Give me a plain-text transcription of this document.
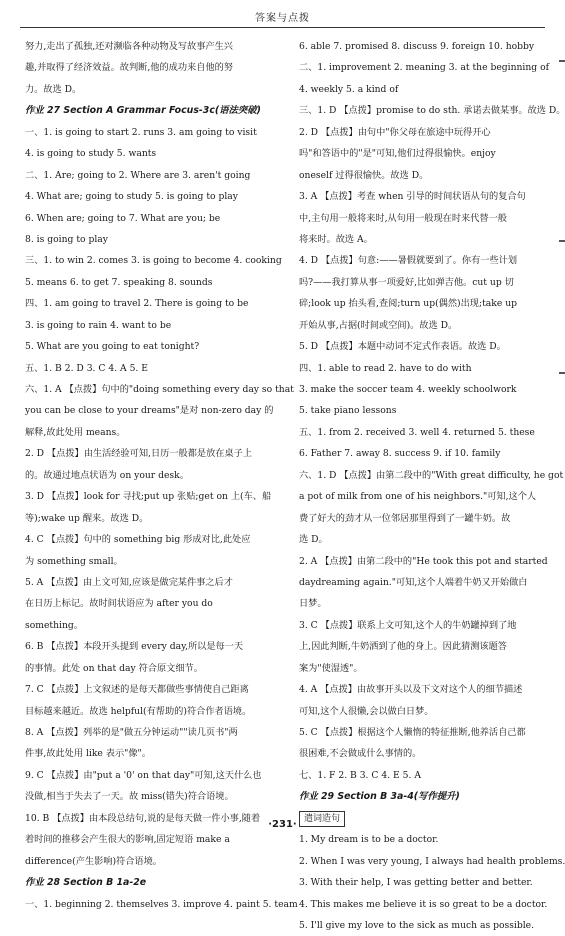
答案与点拨
努力,走出了孤独,还对濒临各种动物及写故事产生兴
趣,并取得了经济效益。故判断,他的成功来自他的努
力。故选 D。
作业 27 Section A Grammar Focus-3c(语法突破)
一、1. is going to start 2. runs 3. am going to visit
4. is going to study 5. wants
二、1. Are; going to 2. Where are 3. aren't going
4. What are; going to study 5. is going to play
6. When are; going to 7. What are you; be
8. is going to play
三、1. to win 2. comes 3. is going to become 4. cooking
5. means 6. to get 7. speaking 8. sounds
四、1. am going to travel 2. There is going to be
3. is going to rain 4. want to be
5. What are you going to eat tonight?
五、1. B 2. D 3. C 4. A 5. E
六、1. A 【点拨】句中的"doing something every day so that
you can be close to your dreams"是对 non-zero day 的
解释,故此处用 means。
2. D 【点拨】由生活经验可知,日历一般都是放在桌子上
的。故通过地点状语为 on your desk。
3. D 【点拨】look for 寻找;put up 张贴;get on 上(车、船
等);wake up 醒来。故选 D。
4. C 【点拨】句中的 something big 形成对比,此处应
为 something small。
5. A 【点拨】由上文可知,应该是做完某件事之后才
在日历上标记。故时间状语应为 after you do
something。
6. B 【点拨】本段开头提到 every day,所以是每一天
的事情。此处 on that day 符合原文细节。
7. C 【点拨】上文叙述的是每天都做些事情使自己距离
目标越来越近。故选 helpful(有帮助的)符合作者语境。
8. A 【点拨】列举的是"做五分钟运动""读几页书"两
件事,故此处用 like 表示"像"。
9. C 【点拨】由"put a '0' on that day"可知,这天什么也
没做,相当于失去了一天。故 miss(错失)符合语境。
10. B 【点拨】由本段总结句,说的是每天做一件小事,随着
着时间的推移会产生很大的影响,固定短语 make a
difference(产生影响)符合语境。
作业 28 Section B 1a-2e
一、1. beginning 2. themselves 3. improve 4. paint 5. team
6. able 7. promised 8. discuss 9. foreign 10. hobby
二、1. improvement 2. meaning 3. at the beginning of
4. weekly 5. a kind of
三、1. D 【点拨】promise to do sth. 承诺去做某事。故选 D。
2. D 【点拨】由句中"你父母在旅途中玩得开心
吗"和答语中的"是"可知,他们过得很愉快。enjoy
oneself 过得很愉快。故选 D。
3. A 【点拨】考查 when 引导的时间状语从句的复合句
中,主句用一般将来时,从句用一般现在时来代替一般
将来时。故选 A。
4. D 【点拨】句意:——暑假就要到了。你有一些计划
吗?——我打算从事一项爱好,比如弹吉他。cut up 切
碎;look up 抬头看,查阅;turn up(偶然)出现;take up
开始从事,占据(时间或空间)。故选 D。
5. D 【点拨】本题中动词不定式作表语。故选 D。
四、1. able to read 2. have to do with
3. make the soccer team 4. weekly schoolwork
5. take piano lessons
五、1. from 2. received 3. well 4. returned 5. these
6. Father 7. away 8. success 9. if 10. family
六、1. D 【点拨】由第二段中的"With great difficulty, he got
a pot of milk from one of his neighbors."可知,这个人
费了好大的劲才从一位邻居那里得到了一罐牛奶。故
选 D。
2. A 【点拨】由第二段中的"He took this pot and started
daydreaming again."可知,这个人端着牛奶又开始做白
日梦。
3. C 【点拨】联系上文可知,这个人的牛奶罐掉到了地
上,因此判断,牛奶洒到了他的身上。因此猜测该题答
案为"使湿透"。
4. A 【点拨】由故事开头以及下文对这个人的细节描述
可知,这个人很懒,会以做白日梦。
5. C 【点拨】根据这个人懒惰的特征推断,他养活自己都
很困难,不会做成什么事情的。
七、1. F 2. B 3. C 4. E 5. A
作业 29 Section B 3a-4(写作提升)
遣词造句
1. My dream is to be a doctor.
2. When I was very young, I always had health problems.
3. With their help, I was getting better and better.
4. This makes me believe it is so great to be a doctor.
5. I'll give my love to the sick as much as possible.
·231·
